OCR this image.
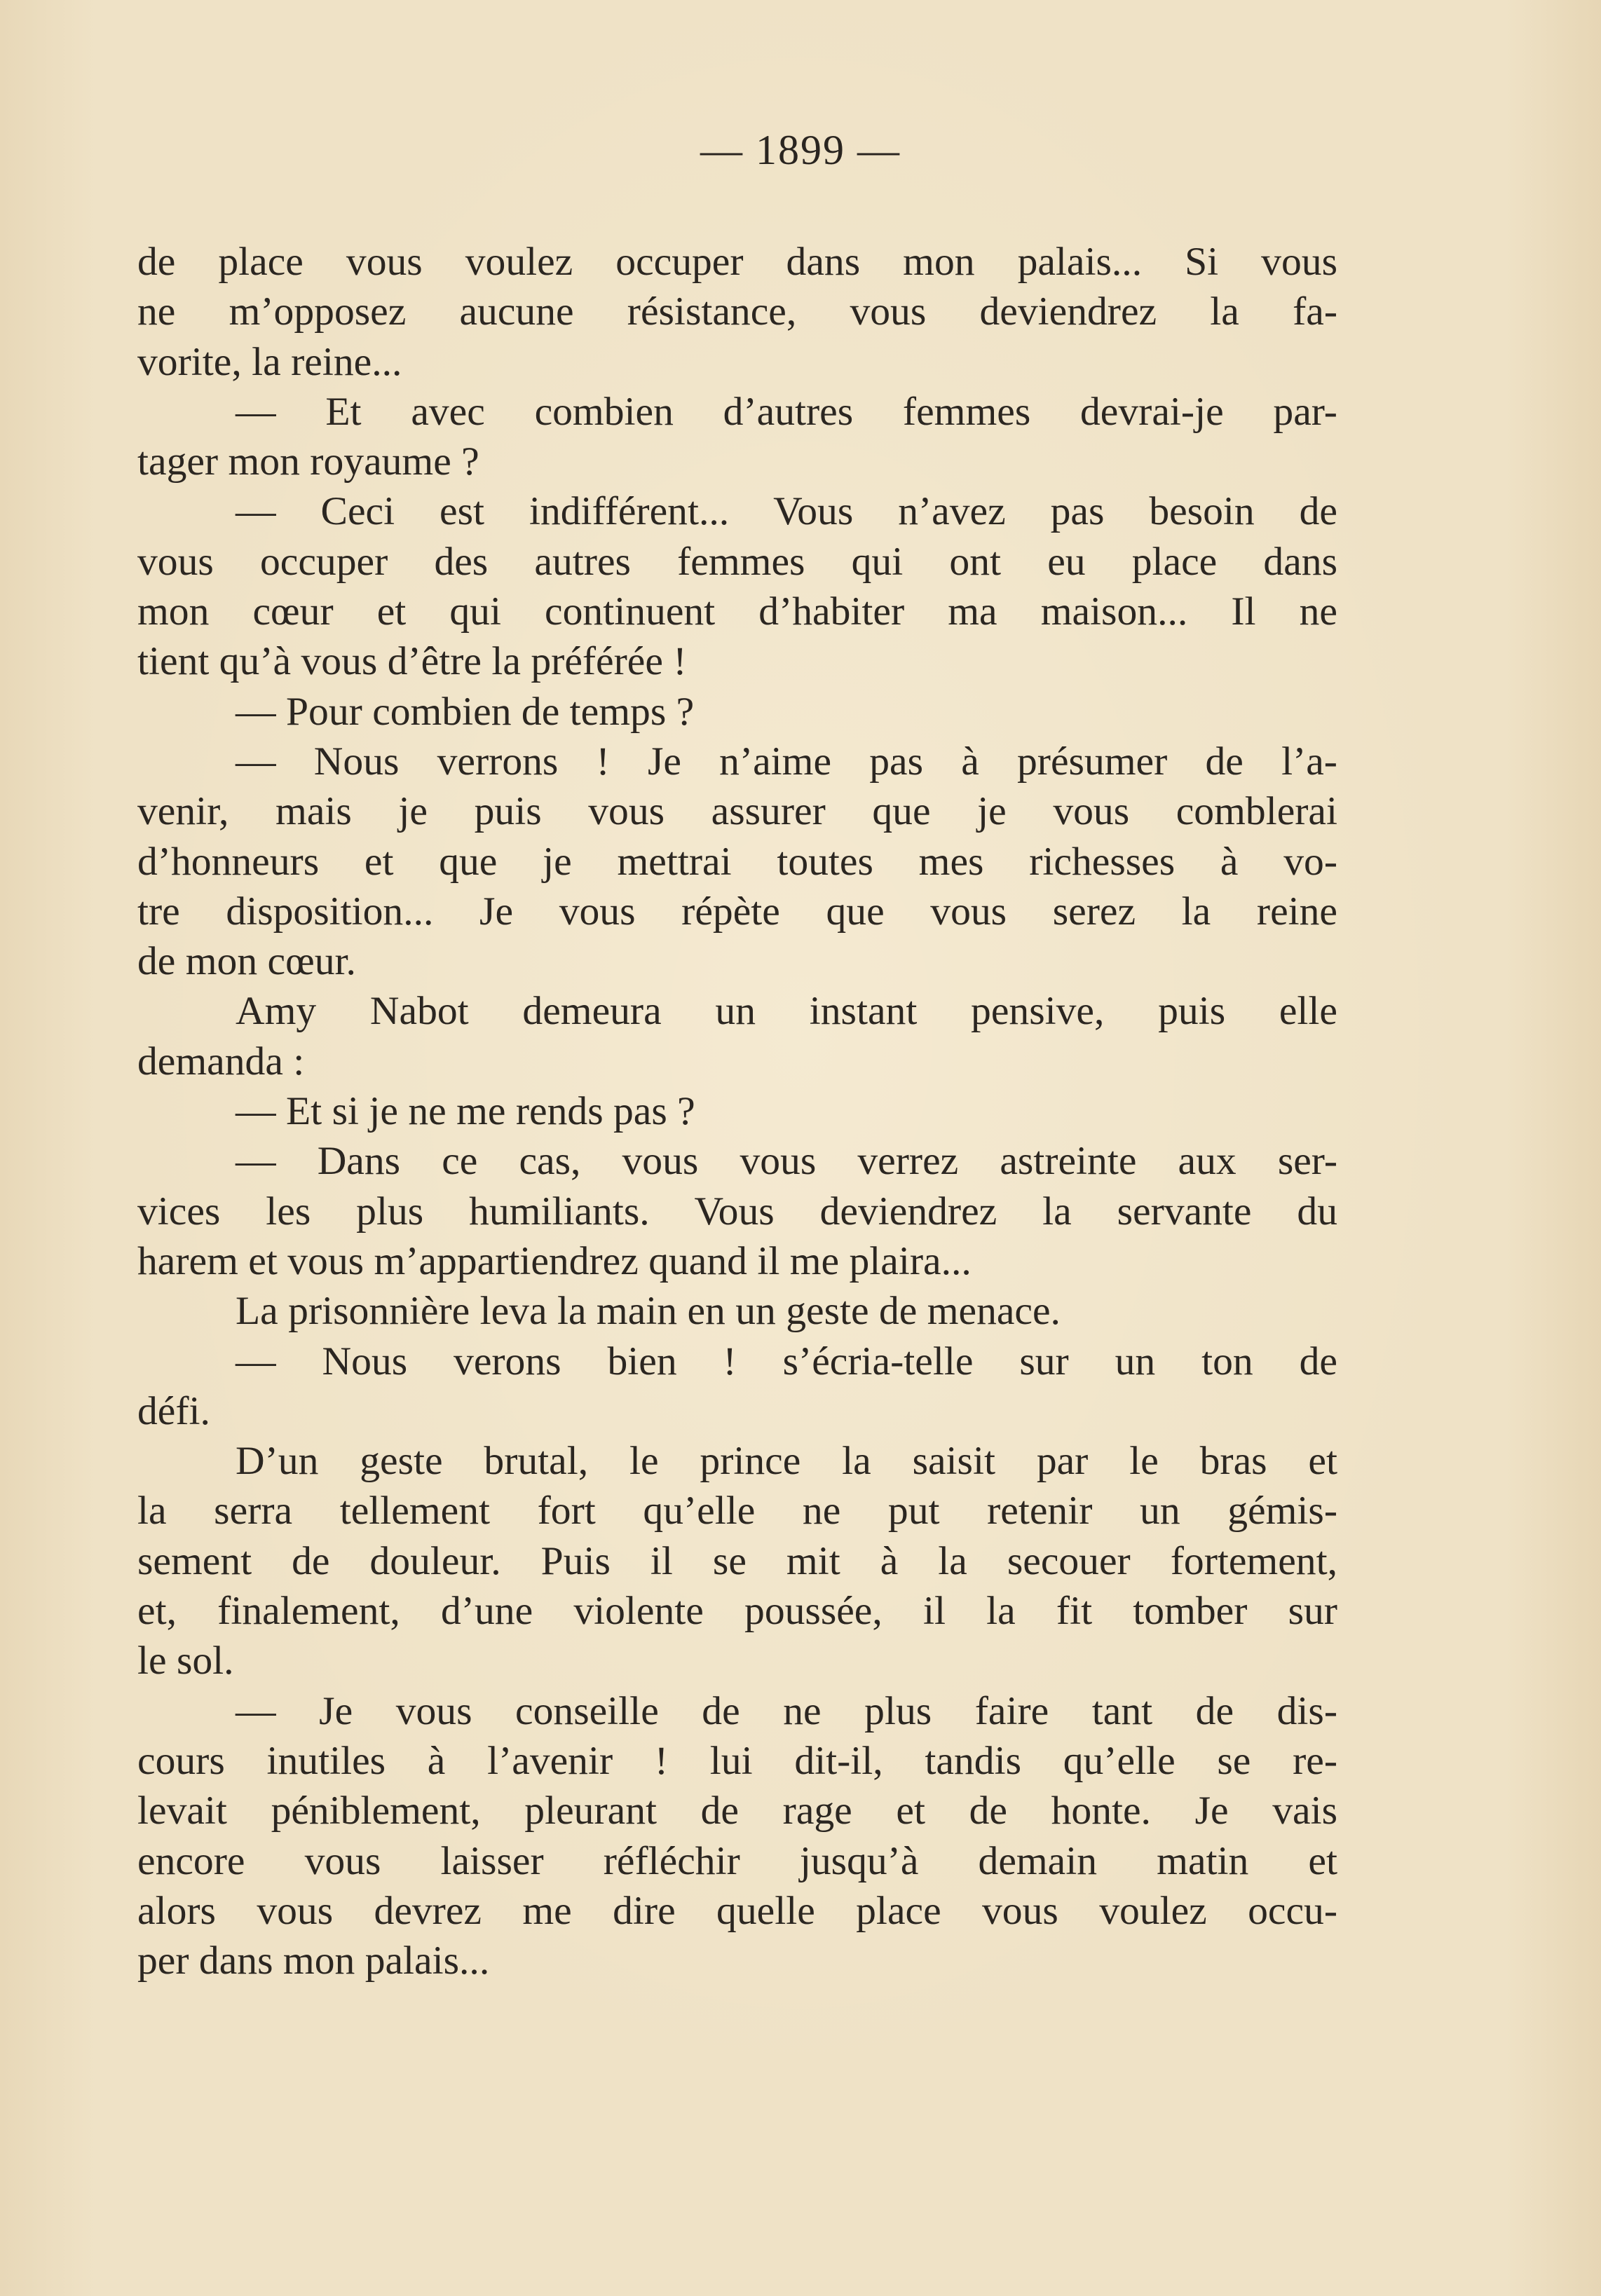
— 1899 —
de place vous voulez occuper dans mon palais... Si vous
ne m’opposez aucune résistance, vous deviendrez la fa-
vorite, la reine...
— Et avec combien d’autres femmes devrai-je par-
tager mon royaume ?
— Ceci est indifférent... Vous n’avez pas besoin de
vous occuper des autres femmes qui ont eu place dans
mon cœur et qui continuent d’habiter ma maison... Il ne
tient qu’à vous d’être la préférée !
— Pour combien de temps ?
— Nous verrons ! Je n’aime pas à présumer de l’a-
venir, mais je puis vous assurer que je vous comblerai
d’honneurs et que je mettrai toutes mes richesses à vo-
tre disposition... Je vous répète que vous serez la reine
de mon cœur.
Amy Nabot demeura un instant pensive, puis elle
demanda :
— Et si je ne me rends pas ?
— Dans ce cas, vous vous verrez astreinte aux ser-
vices les plus humiliants. Vous deviendrez la servante du
harem et vous m’appartiendrez quand il me plaira...
La prisonnière leva la main en un geste de menace.
— Nous verons bien ! s’écria-telle sur un ton de
défi.
D’un geste brutal, le prince la saisit par le bras et
la serra tellement fort qu’elle ne put retenir un gémis-
sement de douleur. Puis il se mit à la secouer fortement,
et, finalement, d’une violente poussée, il la fit tomber sur
le sol.
— Je vous conseille de ne plus faire tant de dis-
cours inutiles à l’avenir ! lui dit-il, tandis qu’elle se re-
levait péniblement, pleurant de rage et de honte. Je vais
encore vous laisser réfléchir jusqu’à demain matin et
alors vous devrez me dire quelle place vous voulez occu-
per dans mon palais...
